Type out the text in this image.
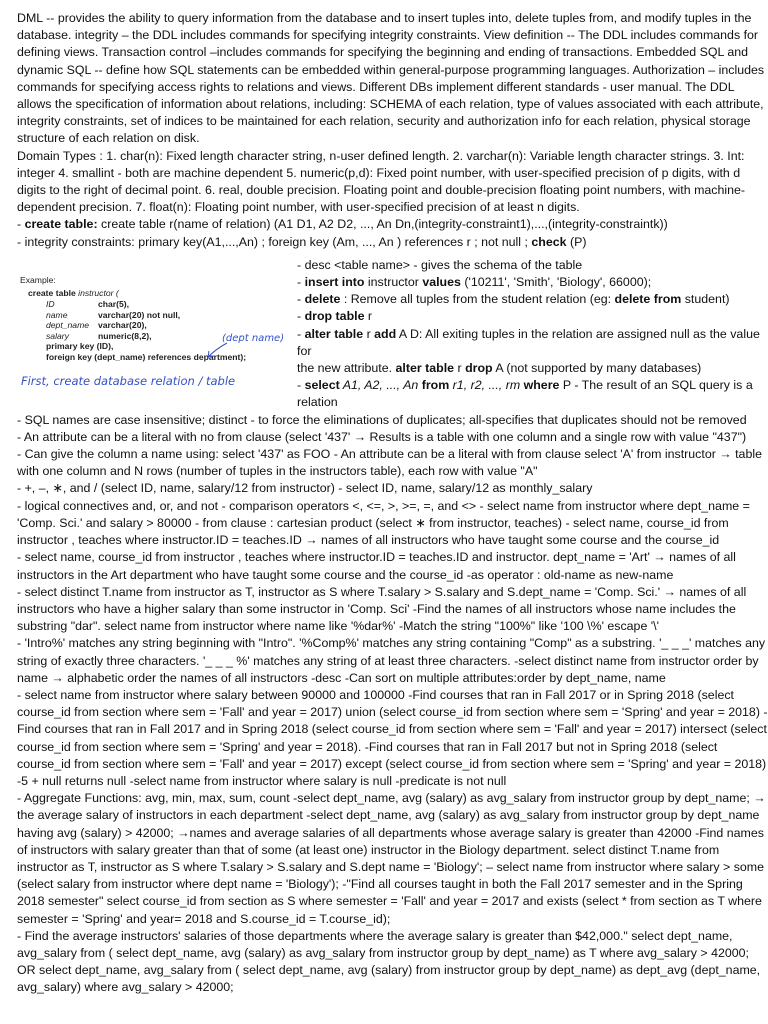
DML -- provides the ability to query information from the database and to insert tuples into, delete tuples from, and modify tuples in the database. integrity – the DDL includes commands for specifying integrity constraints. View definition -- The DDL includes commands for defining views. Transaction control –includes commands for specifying the beginning and ending of transactions. Embedded SQL and dynamic SQL -- define how SQL statements can be embedded within general-purpose programming languages. Authorization – includes commands for specifying access rights to relations and views. Different DBs implement different standards - user manual. The DDL allows the specification of information about relations, including: SCHEMA of each relation, type of values associated with each attribute, integrity constraints, set of indices to be maintained for each relation, security and authorization info for each relation, physical storage structure of each relation on disk.

Domain Types : 1. char(n): Fixed length character string, n-user defined length. 2. varchar(n): Variable length character strings. 3. Int: integer 4. smallint - both are machine dependent 5. numeric(p,d): Fixed point number, with user-specified precision of p digits, with d digits to the right of decimal point. 6. real, double precision. Floating point and double-precision floating point numbers, with machine-dependent precision. 7. float(n): Floating point number, with user-specified precision of at least n digits.

- create table: create table r(name of relation) (A1 D1, A2 D2, ..., An Dn,(integrity-constraint1),...,(integrity-constraintk))

- integrity constraints: primary key(A1,...,An) ; foreign key (Am, ..., An ) references r ; not null ; check (P)

Example:
create table instructor (
ID	char(5),
name	varchar(20) not null,
dept_name varchar(20),
salary	numeric(8,2),
primary key (ID),
foreign key (dept_name) references department);
(dept name)
First, create database relation / table
- desc <table name> - gives the schema of the table
- insert into instructor values ('10211', 'Smith', 'Biology', 66000);
- delete : Remove all tuples from the student relation (eg: delete from student)
- drop table r
- alter table r add A D: All exiting tuples in the relation are assigned null as the value for
the new attribute. alter table r drop A (not supported by many databases)
- select A1, A2, ..., An from r1, r2, ..., rm where P - The result of an SQL query is a relation

- SQL names are case insensitive; distinct - to force the eliminations of duplicates; all-specifies that duplicates should not be removed

- An attribute can be a literal with no from clause (select '437' → Results is a table with one column and a single row with value "437")

- Can give the column a name using: select '437' as FOO - An attribute can be a literal with from clause select 'A' from instructor → table with one column and N rows (number of tuples in the instructors table), each row with value "A"

- +, –, ∗, and / (select ID, name, salary/12 from instructor) - select ID, name, salary/12 as monthly_salary

- logical connectives and, or, and not - comparison operators <, <=, >, >=, =, and <> - select name from instructor where dept_name = 'Comp. Sci.' and salary > 80000 - from clause : cartesian product (select ∗ from instructor, teaches) - select name, course_id from instructor , teaches where instructor.ID = teaches.ID → names of all instructors who have taught some course and the course_id

- select name, course_id from instructor , teaches where instructor.ID = teaches.ID and instructor. dept_name = 'Art' → names of all instructors in the Art department who have taught some course and the course_id -as operator : old-name as new-name

- select distinct T.name from instructor as T, instructor as S where T.salary > S.salary and S.dept_name = 'Comp. Sci.' → names of all instructors who have a higher salary than some instructor in 'Comp. Sci' -Find the names of all instructors whose name includes the substring "dar". select name from instructor where name like '%dar%' -Match the string "100%" like '100 \%' escape '\'

- 'Intro%' matches any string beginning with "Intro". '%Comp%' matches any string containing "Comp" as a substring. '_ _ _' matches any string of exactly three characters. '_ _ _ %' matches any string of at least three characters. -select distinct name from instructor order by name → alphabetic order the names of all instructors -desc -Can sort on multiple attributes:order by dept_name, name

- select name from instructor where salary between 90000 and 100000 -Find courses that ran in Fall 2017 or in Spring 2018 (select course_id from section where sem = 'Fall' and year = 2017) union (select course_id from section where sem = 'Spring' and year = 2018) - Find courses that ran in Fall 2017 and in Spring 2018 (select course_id from section where sem = 'Fall' and year = 2017) intersect (select course_id from section where sem = 'Spring' and year = 2018). -Find courses that ran in Fall 2017 but not in Spring 2018 (select course_id from section where sem = 'Fall' and year = 2017) except (select course_id from section where sem = 'Spring' and year = 2018) -5 + null returns null -select name from instructor where salary is null -predicate is not null

- Aggregate Functions: avg, min, max, sum, count -select dept_name, avg (salary) as avg_salary from instructor group by dept_name; → the average salary of instructors in each department -select dept_name, avg (salary) as avg_salary from instructor group by dept_name having avg (salary) > 42000; →names and average salaries of all departments whose average salary is greater than 42000 -Find names of instructors with salary greater than that of some (at least one) instructor in the Biology department. select distinct T.name from instructor as T, instructor as S where T.salary > S.salary and S.dept name = 'Biology'; – select name from instructor where salary > some (select salary from instructor where dept name = 'Biology'); -"Find all courses taught in both the Fall 2017 semester and in the Spring 2018 semester" select course_id from section as S where semester = 'Fall' and year = 2017 and exists (select * from section as T where semester = 'Spring' and year= 2018 and S.course_id = T.course_id);

- Find the average instructors' salaries of those departments where the average salary is greater than $42,000." select dept_name, avg_salary from ( select dept_name, avg (salary) as avg_salary from instructor group by dept_name) as T where avg_salary > 42000; OR select dept_name, avg_salary from ( select dept_name, avg (salary) from instructor group by dept_name) as dept_avg (dept_name, avg_salary) where avg_salary > 42000;
